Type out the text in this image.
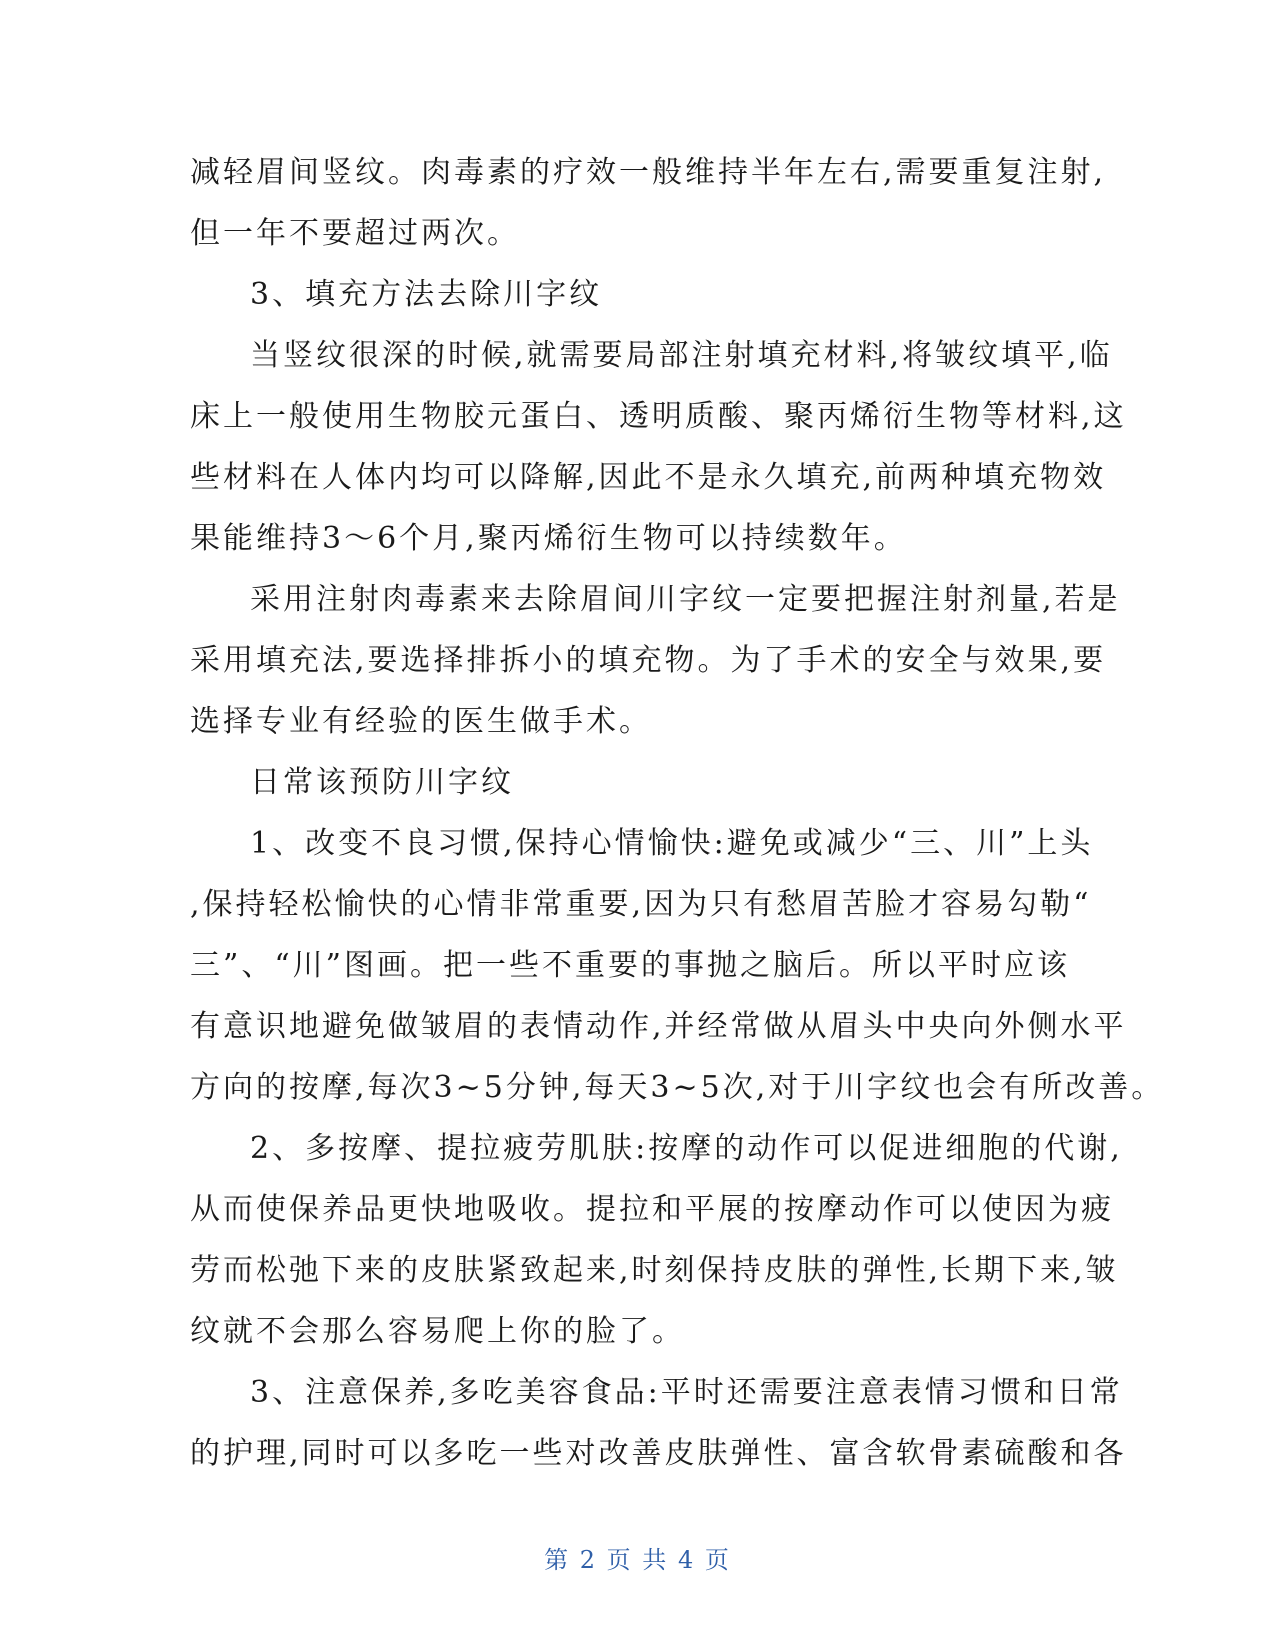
减轻眉间竖纹。肉毒素的疗效一般维持半年左右,需要重复注射,
但一年不要超过两次。
3、填充方法去除川字纹
当竖纹很深的时候,就需要局部注射填充材料,将皱纹填平,临
床上一般使用生物胶元蛋白、透明质酸、聚丙烯衍生物等材料,这
些材料在人体内均可以降解,因此不是永久填充,前两种填充物效
果能维持3～6个月,聚丙烯衍生物可以持续数年。
采用注射肉毒素来去除眉间川字纹一定要把握注射剂量,若是
采用填充法,要选择排拆小的填充物。为了手术的安全与效果,要
选择专业有经验的医生做手术。
日常该预防川字纹
1、改变不良习惯,保持心情愉快:避免或减少“三、川”上头
,保持轻松愉快的心情非常重要,因为只有愁眉苦脸才容易勾勒“
三”、“川”图画。把一些不重要的事抛之脑后。所以平时应该
有意识地避免做皱眉的表情动作,并经常做从眉头中央向外侧水平
方向的按摩,每次3~5分钟,每天3~5次,对于川字纹也会有所改善。
2、多按摩、提拉疲劳肌肤:按摩的动作可以促进细胞的代谢,
从而使保养品更快地吸收。提拉和平展的按摩动作可以使因为疲
劳而松弛下来的皮肤紧致起来,时刻保持皮肤的弹性,长期下来,皱
纹就不会那么容易爬上你的脸了。
3、注意保养,多吃美容食品:平时还需要注意表情习惯和日常
的护理,同时可以多吃一些对改善皮肤弹性、富含软骨素硫酸和各
第 2 页 共 4 页
